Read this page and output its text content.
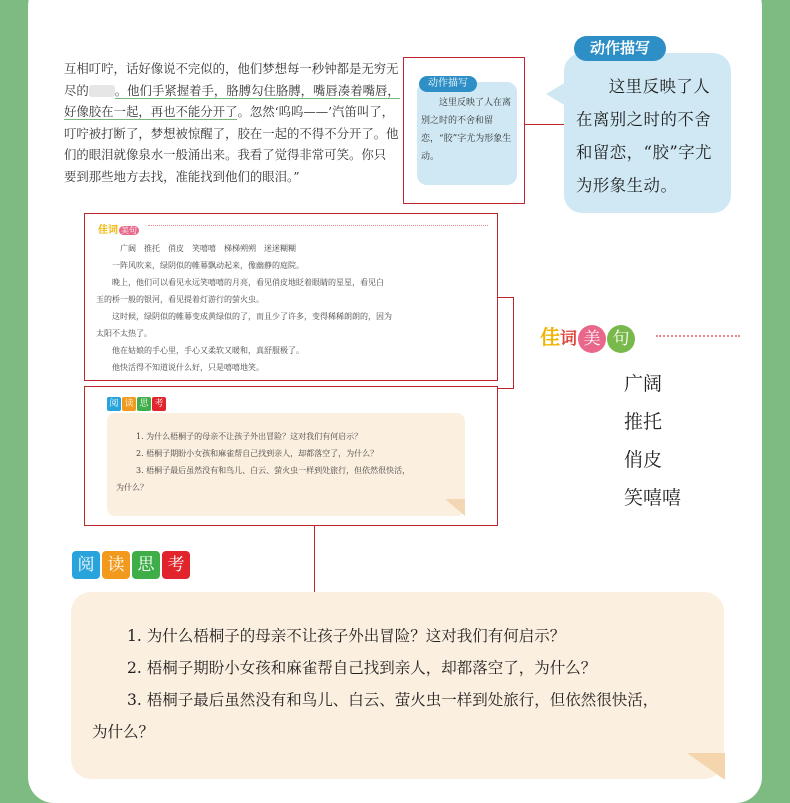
互相叮咛，话好像说不完似的，他们梦想每一秒钟都是无穷无

尽的 。他们手紧握着手，胳膊勾住胳膊，嘴唇凑着嘴唇，

好像胶在一起，再也不能分开了。忽然‘呜呜——’汽笛叫了，

叮咛被打断了，梦想被惊醒了，胶在一起的不得不分开了。他

们的眼泪就像泉水一般涌出来。我看了觉得非常可笑。你只

要到那些地方去找，准能找到他们的眼泪。”

动作描写
这里反映了人在离别之时的不舍和留恋，“胶”字尤为形象生动。
动作描写
这里反映了人在离别之时的不舍和留恋，“胶”字尤为形象生动。
佳词 美句

广阔　推托　俏皮　笑嘻嘻　梯梯朔朔　迷迷糊糊

一阵风吹来，绿阴似的帷幕飘动起来，像幽静的庭院。

晚上，他们可以看见永远笑嘻嘻的月亮，看见俏皮地眨着眼睛的星星，看见白

玉的桥一般的银河，看见提着灯游行的萤火虫。

这时候，绿阴似的帷幕变成黄绿似的了，而且少了许多，变得稀稀朗朗的，因为

太阳不太热了。

他在姑娘的手心里，手心又柔软又暖和，真舒服极了。

他快活得不知道说什么好，只是嘻嘻地笑。

阅 读 思 考

1. 为什么梧桐子的母亲不让孩子外出冒险？这对我们有何启示？

2. 梧桐子期盼小女孩和麻雀帮自己找到亲人，却都落空了，为什么？

3. 梧桐子最后虽然没有和鸟儿、白云、萤火虫一样到处旅行，但依然很快活，

为什么？

佳词 美 句
广阔
推托
俏皮
笑嘻嘻
阅 读 思 考

1. 为什么梧桐子的母亲不让孩子外出冒险？这对我们有何启示？

2. 梧桐子期盼小女孩和麻雀帮自己找到亲人，却都落空了，为什么？

3. 梧桐子最后虽然没有和鸟儿、白云、萤火虫一样到处旅行，但依然很快活，

为什么？
